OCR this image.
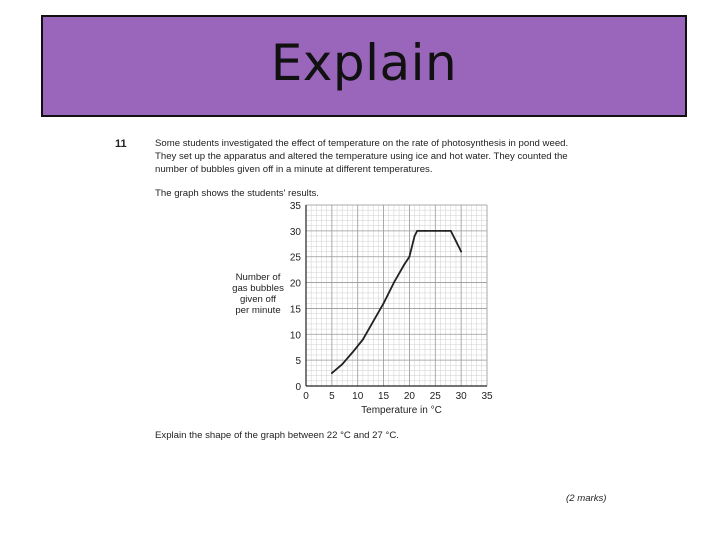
Explain
11	Some students investigated the effect of temperature on the rate of photosynthesis in pond weed.

They set up the apparatus and altered the temperature using ice and hot water. They counted the

number of bubbles given off in a minute at different temperatures.

The graph shows the students' results.
Number of
gas bubbles
given off
per minute
0 5 10 15 20 25 30 35
0
5
10
15
20
25
30
35
Temperature in °C
Explain the shape of the graph between 22 °C and 27 °C.
(2 marks)
